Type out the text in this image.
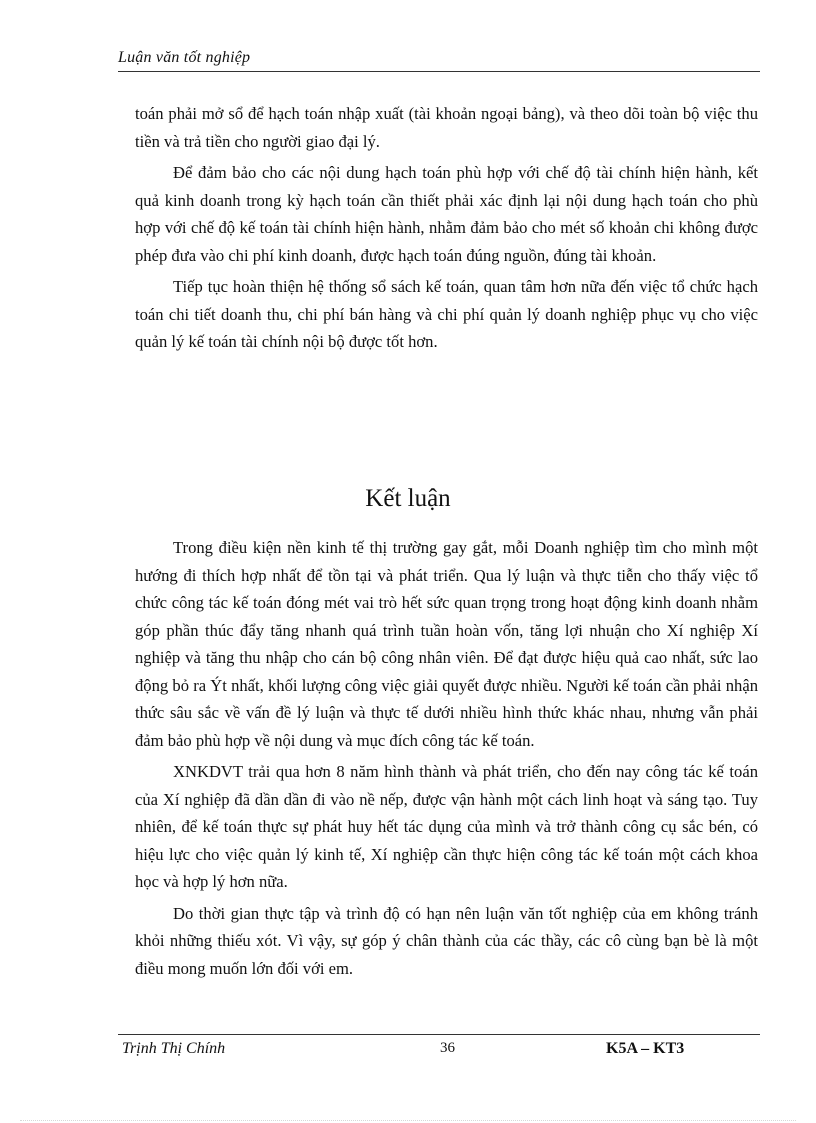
Luận văn tốt nghiệp

toán phải mở sổ để hạch toán nhập xuất (tài khoản ngoại bảng), và theo dõi toàn bộ việc thu tiền và trả tiền cho người giao đại lý.

Để đảm bảo cho các nội dung hạch toán phù hợp với chế độ tài chính hiện hành, kết quả kinh doanh trong kỳ hạch toán cần thiết phải xác định lại nội dung hạch toán cho phù hợp với chế độ kế toán tài chính hiện hành, nhằm đảm bảo cho mét số khoản chi không được phép đưa vào chi phí kinh doanh, được hạch toán đúng nguồn, đúng tài khoản.

Tiếp tục hoàn thiện hệ thống sổ sách kế toán, quan tâm hơn nữa đến việc tổ chức hạch toán chi tiết doanh thu, chi phí bán hàng và chi phí quản lý doanh nghiệp phục vụ cho việc quản lý kế toán tài chính nội bộ được tốt hơn.

Kết luận

Trong điều kiện nền kinh tế thị trường gay gắt, mỗi Doanh nghiệp tìm cho mình một hướng đi thích hợp nhất để tồn tại và phát triển. Qua lý luận và thực tiễn cho thấy việc tổ chức công tác kế toán đóng mét vai trò hết sức quan trọng trong hoạt động kinh doanh nhằm góp phần thúc đẩy tăng nhanh quá trình tuần hoàn vốn, tăng lợi nhuận cho Xí nghiệp Xí nghiệp và tăng thu nhập cho cán bộ công nhân viên. Để đạt được hiệu quả cao nhất, sức lao động bỏ ra Ýt nhất, khối lượng công việc giải quyết được nhiều. Người kế toán cần phải nhận thức sâu sắc về vấn đề lý luận và thực tế dưới nhiều hình thức khác nhau, nhưng vẫn phải đảm bảo phù hợp về nội dung và mục đích công tác kế toán.

XNKDVT trải qua hơn 8 năm hình thành và phát triển, cho đến nay công tác kế toán của Xí nghiệp đã dần dần đi vào nề nếp, được vận hành một cách linh hoạt và sáng tạo. Tuy nhiên, để kế toán thực sự phát huy hết tác dụng của mình và trở thành công cụ sắc bén, có hiệu lực cho việc quản lý kinh tế, Xí nghiệp cần thực hiện công tác kế toán một cách khoa học và hợp lý hơn nữa.

Do thời gian thực tập và trình độ có hạn nên luận văn tốt nghiệp của em không tránh khỏi những thiếu xót. Vì vậy, sự góp ý chân thành của các thầy, các cô cùng bạn bè là một điều mong muốn lớn đối với em.

Trịnh Thị Chính	36	K5A – KT3
